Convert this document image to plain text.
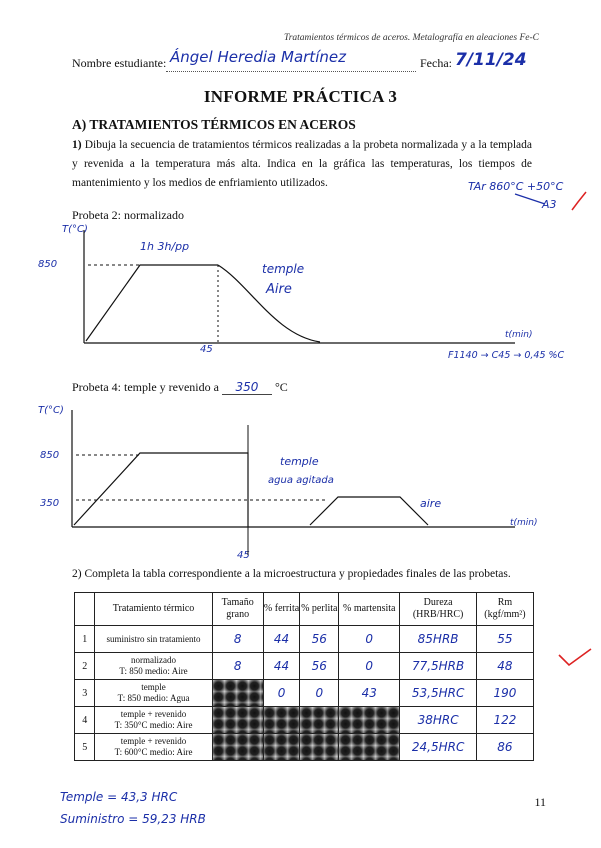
Tratamientos térmicos de aceros. Metalografía en aleaciones Fe-C
Nombre estudiante: Ángel Heredia Martínez	Fecha: 7/11/24
INFORME PRÁCTICA 3
A) TRATAMIENTOS TÉRMICOS EN ACEROS
1) Dibuja la secuencia de tratamientos térmicos realizadas a la probeta normalizada y a la templada y revenida a la temperatura más alta. Indica en la gráfica las temperaturas, los tiempos de mantenimiento y los medios de enfriamiento utilizados.	TAr 860°C +50°C
A3
Probeta 2: normalizado
T(°C)
850
1h 3h/pp
temple
Aire
45
t(min)
F1140 → C45 → 0,45 %C
Probeta 4: temple y revenido a 350 °C
T(°C)
850
350
temple
agua agitada
aire
45
t(min)
2) Completa la tabla correspondiente a la microestructura y propiedades finales de las probetas.
	Tratamiento térmico	Tamaño grano	% ferrita	% perlita	% martensita	Dureza (HRB/HRC)	Rm (kgf/mm²)
1	suministro sin tratamiento	8	44	56	0	85HRB	55
2	normalizado
T: 850 medio: Aire	8	44	56	0	77,5HRB	48
3	temple
T: 850 medio: Agua		0	0	43	53,5HRC	190
4	temple + revenido
T: 350°C medio: Aire					38HRC	122
5	temple + revenido
T: 600°C medio: Aire					24,5HRC	86
Temple = 43,3 HRC
Suministro = 59,23 HRB
11
